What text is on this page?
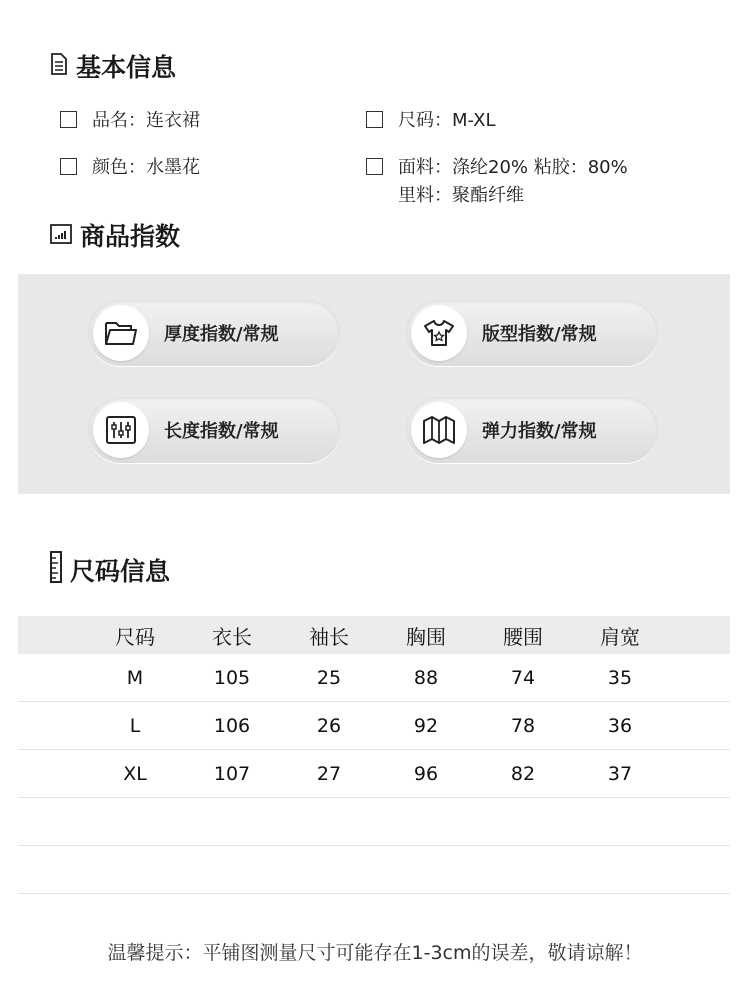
基本信息
品名：连衣裙	尺码：M-XL
颜色：水墨花	面料：涤纶20% 粘胶：80%
里料：聚酯纤维
商品指数
厚度指数/常规	版型指数/常规
长度指数/常规	弹力指数/常规
尺码信息
尺码	衣长	袖长	胸围	腰围	肩宽
M	105	25	88	74	35
L	106	26	92	78	36
XL	107	27	96	82	37
温馨提示：平铺图测量尺寸可能存在1-3cm的误差，敬请谅解！
